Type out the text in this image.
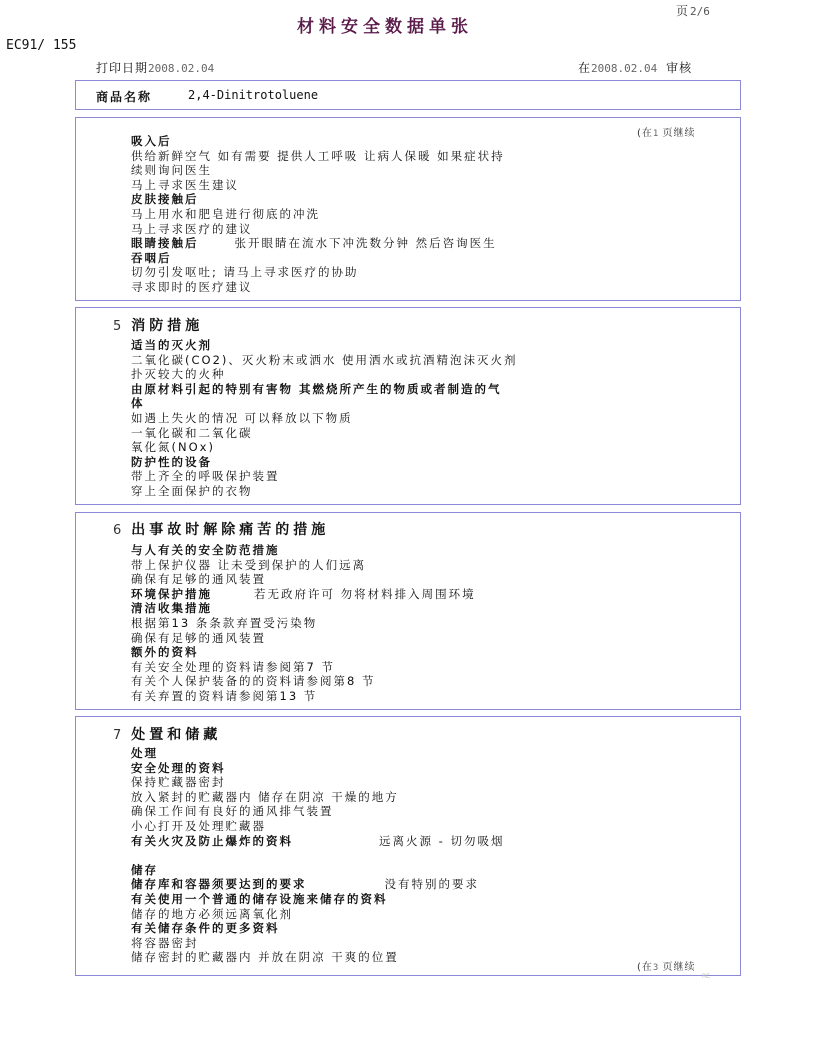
材料安全数据单张
页 2/6
EC91/ 155
打印日期2008.02.04	在2008.02.04 审核
商品名称	2,4-Dinitrotoluene
(在1 页继续
吸入后
供给新鲜空气 如有需要 提供人工呼吸 让病人保暖 如果症状持
续则询问医生
马上寻求医生建议
皮肤接触后
马上用水和肥皂进行彻底的冲洗
马上寻求医疗的建议
眼睛接触后	张开眼睛在流水下冲洗数分钟 然后咨询医生
吞咽后
切勿引发呕吐; 请马上寻求医疗的协助
寻求即时的医疗建议
5 消防措施
适当的灭火剂
二氧化碳(CO2)、灭火粉末或洒水 使用洒水或抗酒精泡沫灭火剂
扑灭较大的火种
由原材料引起的特别有害物 其燃烧所产生的物质或者制造的气
体
如遇上失火的情况 可以释放以下物质
一氧化碳和二氧化碳
氧化氮(NOx)
防护性的设备
带上齐全的呼吸保护装置
穿上全面保护的衣物
6 出事故时解除痛苦的措施
与人有关的安全防范措施
带上保护仪器 让未受到保护的人们远离
确保有足够的通风装置
环境保护措施	若无政府许可 勿将材料排入周围环境
清洁收集措施
根据第13 条条款弃置受污染物
确保有足够的通风装置
额外的资料
有关安全处理的资料请参阅第7 节
有关个人保护装备的的资料请参阅第8 节
有关弃置的资料请参阅第13 节
7 处置和储藏
处理
安全处理的资料
保持贮藏器密封
放入紧封的贮藏器内 储存在阴凉 干燥的地方
确保工作间有良好的通风排气装置
小心打开及处理贮藏器
有关火灾及防止爆炸的资料	远离火源 - 切勿吸烟

储存
储存库和容器须要达到的要求	没有特别的要求
有关使用一个普通的储存设施来储存的资料
储存的地方必须远离氧化剂
有关储存条件的更多资料
将容器密封
储存密封的贮藏器内 并放在阴凉 干爽的位置
(在3 页继续
RC
